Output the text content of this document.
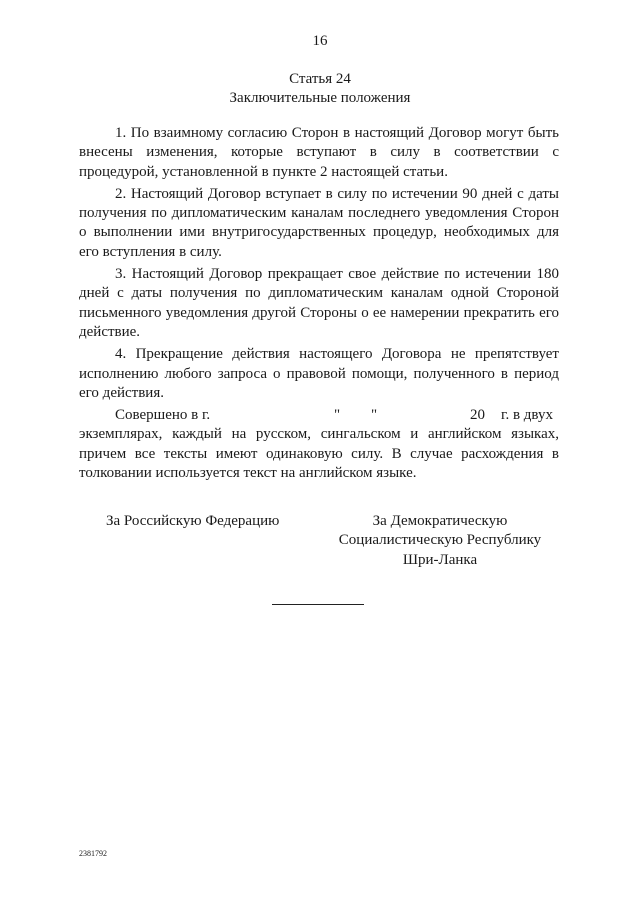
16
Статья 24
Заключительные положения

1. По взаимному согласию Сторон в настоящий Договор могут быть внесены изменения, которые вступают в силу в соответствии с процедурой, установленной в пункте 2 настоящей статьи.

2. Настоящий Договор вступает в силу по истечении 90 дней с даты получения по дипломатическим каналам последнего уведомления Сторон о выполнении ими внутригосударственных процедур, необходимых для его вступления в силу.

3. Настоящий Договор прекращает свое действие по истечении 180 дней с даты получения по дипломатическим каналам одной Стороной письменного уведомления другой Стороны о ее намерении прекратить его действие.

4. Прекращение действия настоящего Договора не препятствует исполнению любого запроса о правовой помощи, полученного в период его действия.

Совершено в г.	" "	20 г. в двух

экземплярах, каждый на русском, сингальском и английском языках, причем все тексты имеют одинаковую силу. В случае расхождения в толковании используется текст на английском языке.

За Российскую Федерацию	За Демократическую
Социалистическую Республику
Шри-Ланка
2381792
